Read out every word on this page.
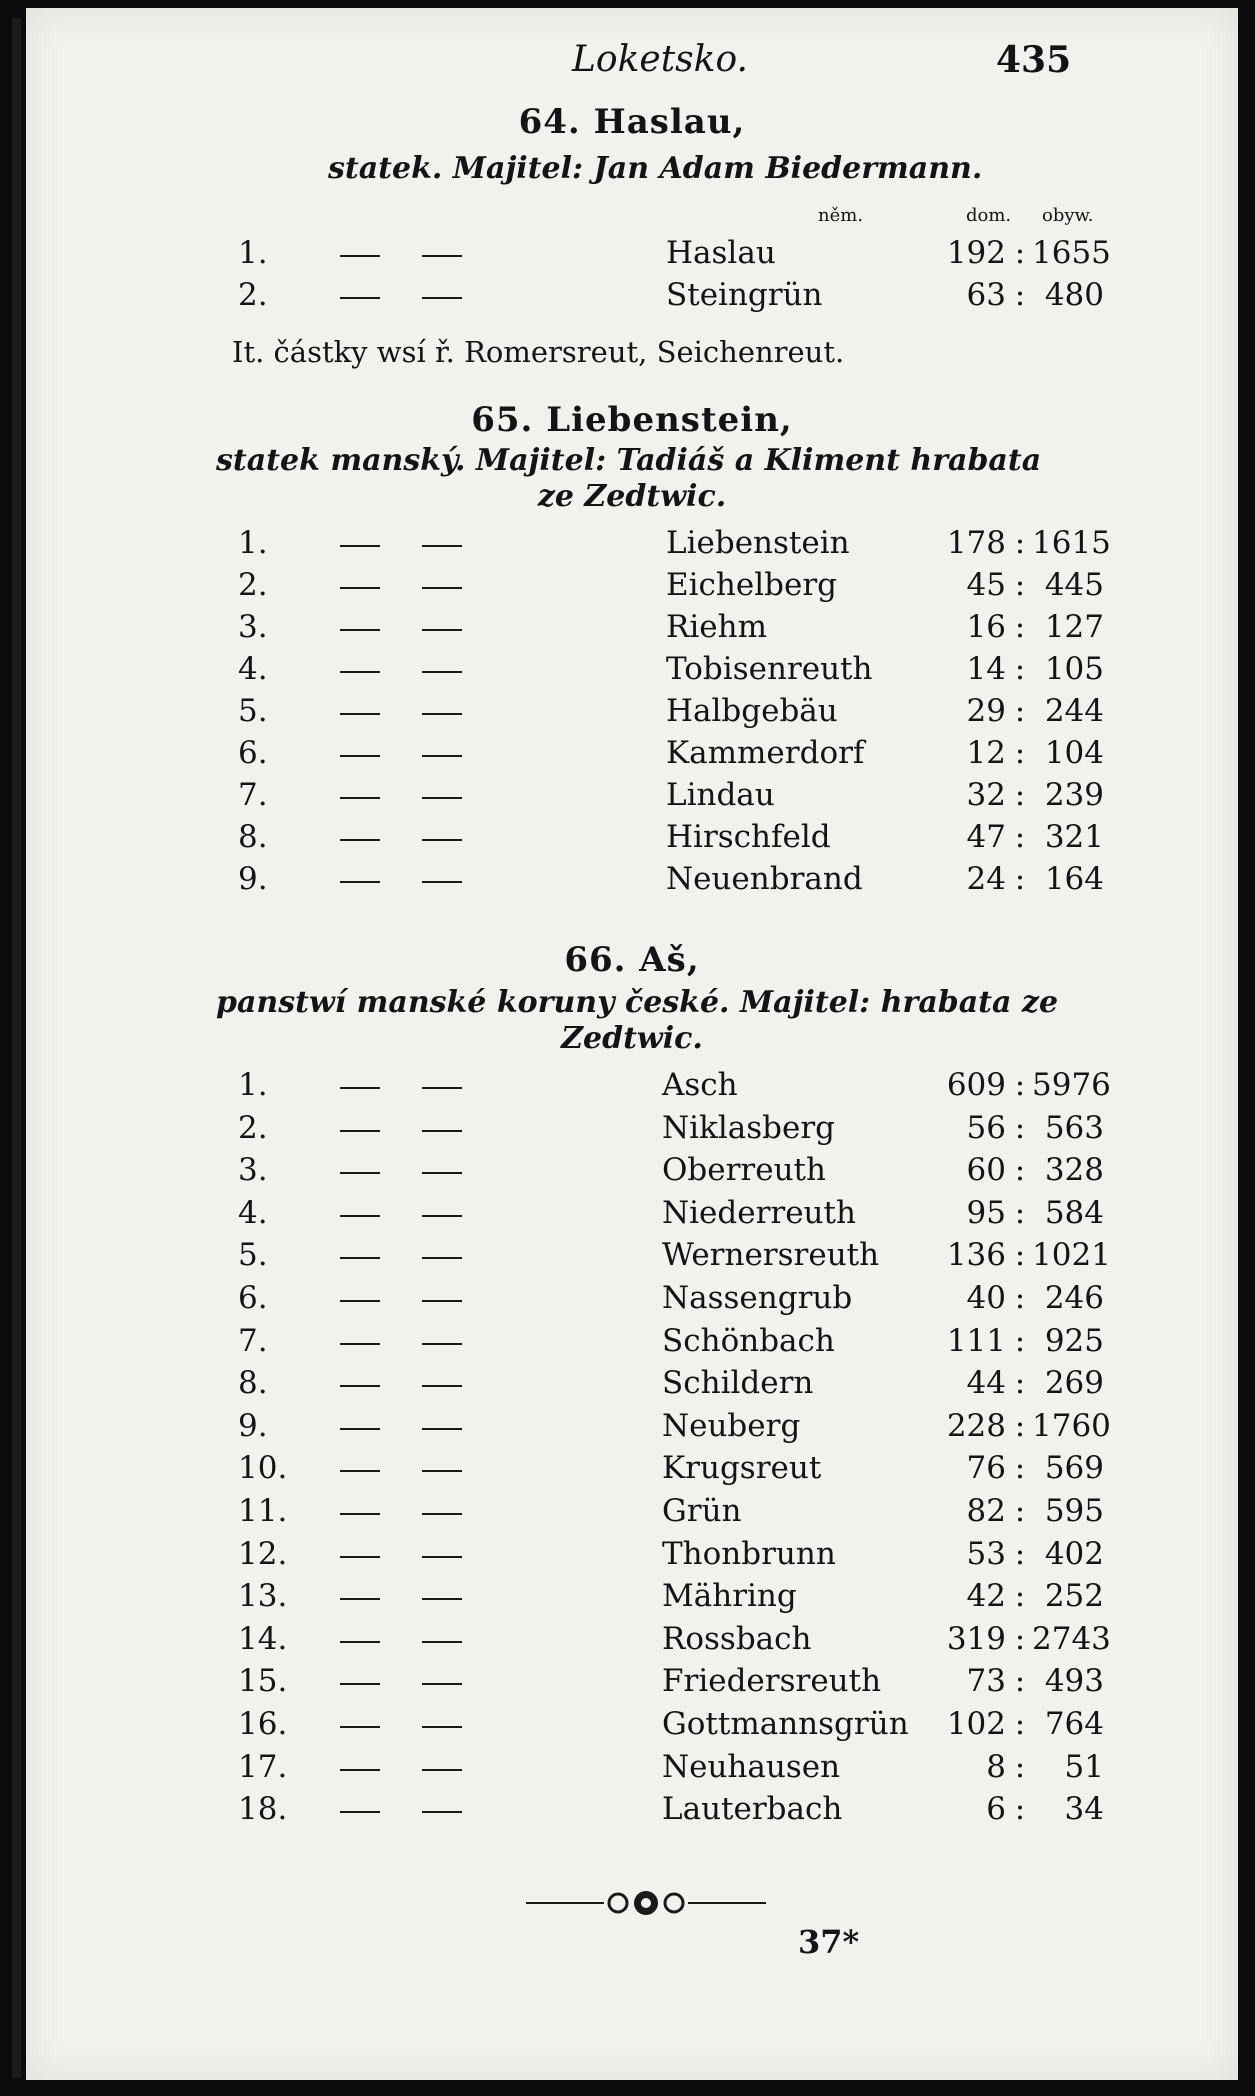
Loketsko.	435
64. Haslau,
statek. Majitel: Jan Adam Biedermann.
něm.	dom. obyw.
1.	Haslau	192 : 1655
2.	Steingrün	63 : 480
It. částky wsí ř. Romersreut, Seichenreut.
65. Liebenstein,
statek manský. Majitel: Tadiáš a Kliment hrabata
ze Zedtwic.
1.	Liebenstein	178 : 1615
2.	Eichelberg	45 : 445
3.	Riehm	16 : 127
4.	Tobisenreuth	14 : 105
5.	Halbgebäu	29 : 244
6.	Kammerdorf	12 : 104
7.	Lindau	32 : 239
8.	Hirschfeld	47 : 321
9.	Neuenbrand	24 : 164
66. Aš,
panstwí manské koruny české. Majitel: hrabata ze
Zedtwic.
1.	Asch	609 : 5976
2.	Niklasberg	56 : 563
3.	Oberreuth	60 : 328
4.	Niederreuth	95 : 584
5.	Wernersreuth	136 : 1021
6.	Nassengrub	40 : 246
7.	Schönbach	111 : 925
8.	Schildern	44 : 269
9.	Neuberg	228 : 1760
10.	Krugsreut	76 : 569
11.	Grün	82 : 595
12.	Thonbrunn	53 : 402
13.	Mähring	42 : 252
14.	Rossbach	319 : 2743
15.	Friedersreuth	73 : 493
16.	Gottmannsgrün	102 : 764
17.	Neuhausen	8 :	51
18.	Lauterbach	6 :	34
37*
